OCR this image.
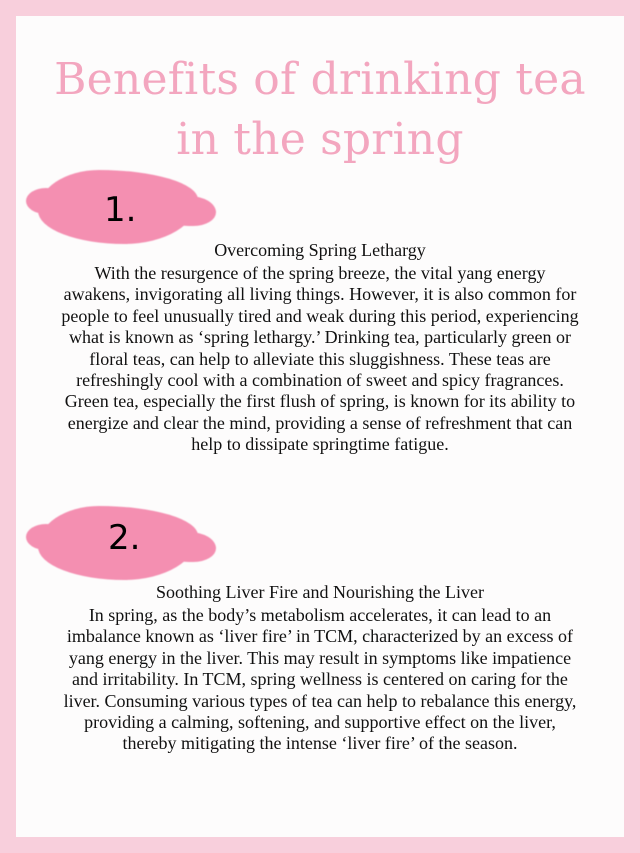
Benefits of drinking tea
in the spring
1.
Overcoming Spring Lethargy
With the resurgence of the spring breeze, the vital yang energy awakens, invigorating all living things. However, it is also common for people to feel unusually tired and weak during this period, experiencing what is known as ‘spring lethargy.’ Drinking tea, particularly green or floral teas, can help to alleviate this sluggishness. These teas are refreshingly cool with a combination of sweet and spicy fragrances. Green tea, especially the first flush of spring, is known for its ability to energize and clear the mind, providing a sense of refreshment that can help to dissipate springtime fatigue.
2.
Soothing Liver Fire and Nourishing the Liver
In spring, as the body’s metabolism accelerates, it can lead to an imbalance known as ‘liver fire’ in TCM, characterized by an excess of yang energy in the liver. This may result in symptoms like impatience and irritability. In TCM, spring wellness is centered on caring for the liver. Consuming various types of tea can help to rebalance this energy, providing a calming, softening, and supportive effect on the liver, thereby mitigating the intense ‘liver fire’ of the season.
